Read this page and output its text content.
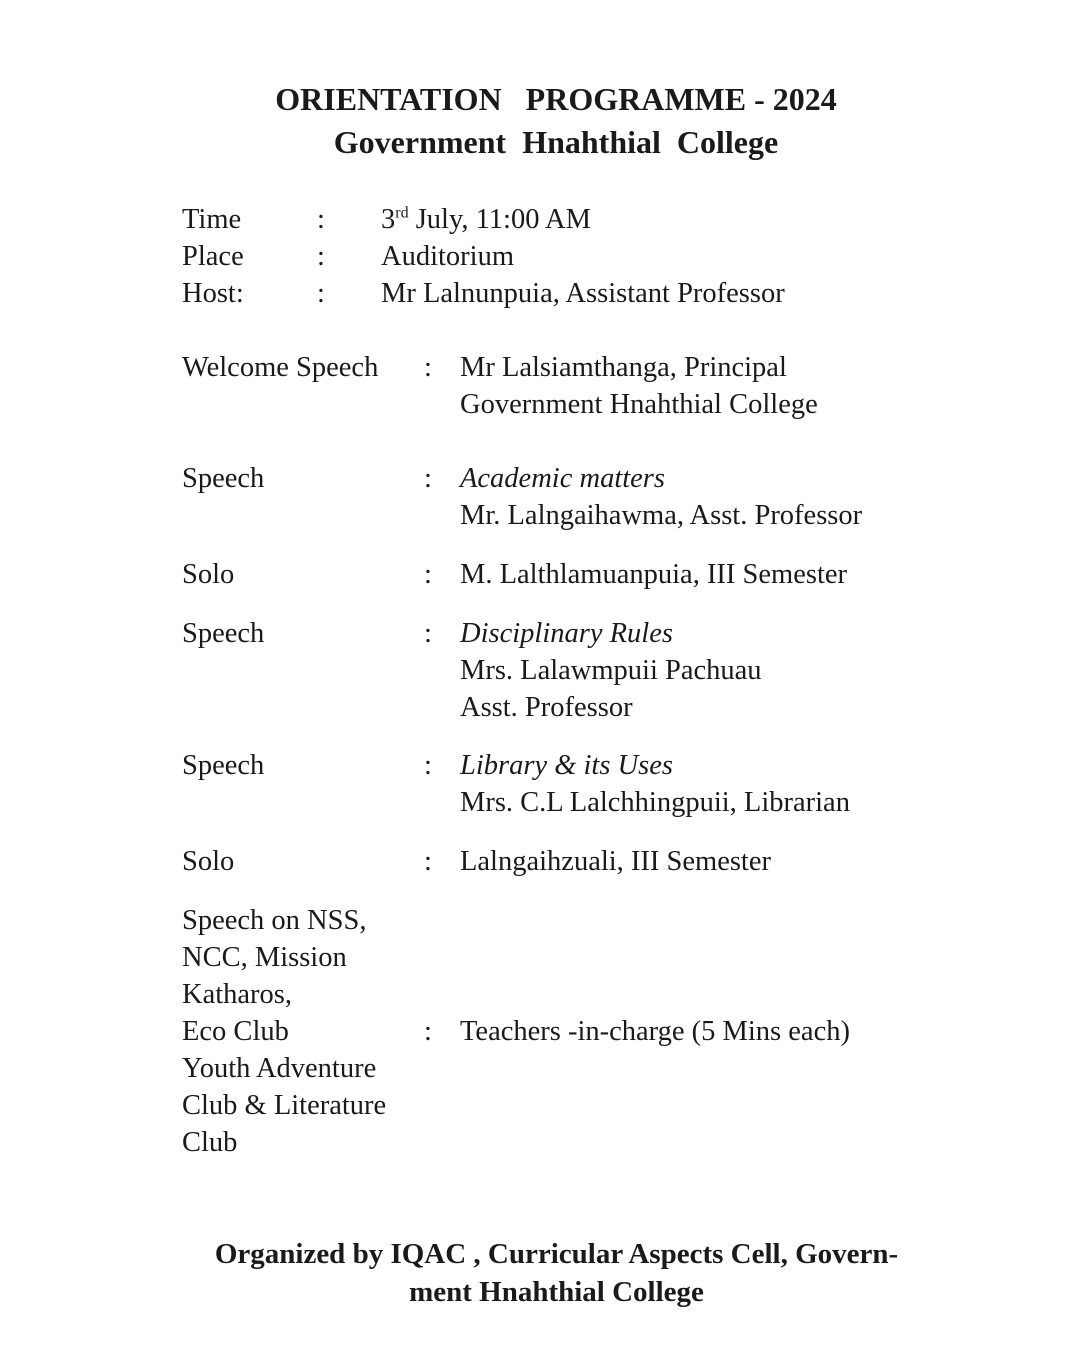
ORIENTATION   PROGRAMME - 2024
Government  Hnahthial  College
Time	: 3rd July, 11:00 AM
Place	: Auditorium
Host:	: Mr Lalnunpuia, Assistant Professor
Welcome Speech : Mr Lalsiamthanga, Principal
Government Hnahthial College
Speech	: Academic matters
Mr. Lalngaihawma, Asst. Professor
Solo	: M. Lalthlamuanpuia, III Semester
Speech	: Disciplinary Rules
Mrs. Lalawmpuii Pachuau
Asst. Professor
Speech	: Library & its Uses
Mrs. C.L Lalchhingpuii, Librarian
Solo	: Lalngaihzuali, III Semester
Speech on NSS,
NCC, Mission
Katharos,
Eco Club
Youth Adventure
Club & Literature
Club
: Teachers -in-charge (5 Mins each)
Organized by IQAC , Curricular Aspects Cell, Govern-
ment Hnahthial College
